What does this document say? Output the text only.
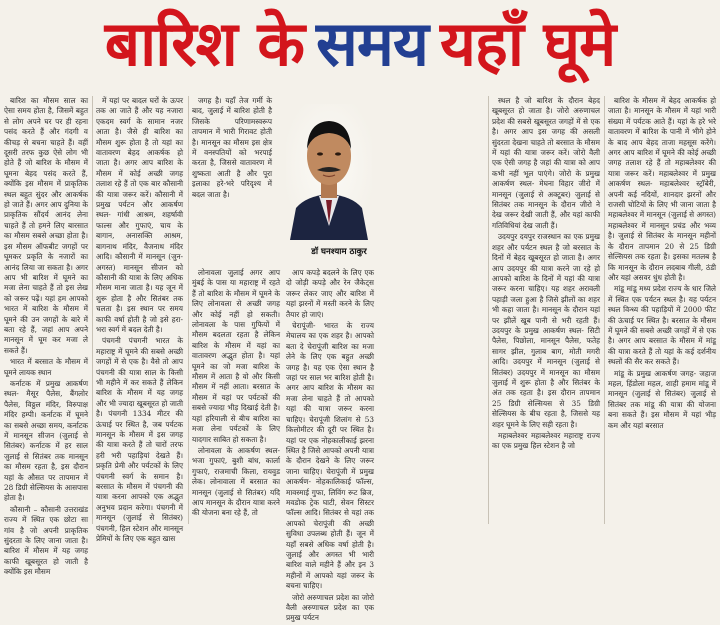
बारिश के समय यहाँ घूमे

बारिश का मौसम साल का ऐसा समय होता है, जिसमें बहुत से लोग अपने घर पर ही रहना पसंद करते हैं और गंदगी व कीचड़ से बचना चाहते हैं। वहीं दूसरी तरफ कुछ ऐसे लोग भी होते हैं जो बारिश के मौसम में घूमना बेहद पसंद करते हैं, क्योंकि इस मौसम में प्राकृतिक स्थल बहुत सुंदर और आकर्षक हो जाते हैं। अगर आप दुनिया के प्राकृतिक सौंदर्य आनंद लेना चाहते हैं तो हमने लिए बारसात का मौसम सबसे अच्छा होता है। इस मौसम ऑफबीट जगहों पर घूमकर प्रकृति के नजारों का आनंद लिया जा सकता है। अगर आप भी बारिश में घूमने का मजा लेना चाहते हैं तो इस लेख को जरूर पढ़ें। यहां हम आपको भारत में बारिश के मौसम में घूमने की उन जगहों के बारे में बता रहे हैं, जहां आप अपने मानसून में घूम कर मजा ले सकते हैं।

भारत में बरसात के मौसम में घूमने लायक स्थान

कर्नाटक में प्रमुख आकर्षण स्थल- मैसूर पैलेस, बैंगलोर पैलेस, विठ्ठल मंदिर, विरुपाक्ष मंदिर हम्पी। कर्नाटक में घूमने का सबसे अच्छा समय, कर्नाटक में मानसून सीजन (जुलाई से सितंबर) कर्नाटक में हर साल जुलाई से सितंबर तक मानसून का मौसम रहता है, इस दौरान यहां के औसत पर तापमान में 28 डिग्री सेल्सियस के आसपास होता है।

कौसानी – कौसानी उत्तराखंड राज्य में स्थित एक छोटा सा गांव है जो अपनी प्राकृतिक सुंदरता के लिए जाना जाता है। बारिश में मौसम में यह जगह काफी खूबसूरत हो जाती है क्योंकि इस मौसम

में यहां पर बादल घरों के ऊपर तक आ जाते हैं और यह नजारा एकदम स्वर्ग के सामान नजर आता है। जैसे ही बारिश का मौसम शुरू होता है तो यहां का वातावरण बेहद आकर्षक हो जाता है। अगर आप बारिश के मौसम में कोई अच्छी जगह तलाश रहे हैं तो एक बार कौसानी की यात्रा जरूर करें। कौसानी में प्रमुख पर्यटन और आकर्षण स्थल- गांधी आश्रम, शहर्षावी फाल्स और गुफाएं, चाय के बागान, अनासक्ति आश्रम, बागनाथ मंदिर, वैजनाथ मंदिर आदि। कौसानी में मानसून (जुन-अगस्त) मानसून सीजन को कौसानी की यात्रा के लिए अधिक मौसम माना जाता है। यह जून में शुरू होता है और सितंबर तक चलता है। इस स्थान पर समय काफी वर्षा होती है जो इसे हरा-भरा स्वर्ग में बदल देती है।

पंचगनी पंचगनी भारत के महाराष्ट्र में घूमने की सबसे अच्छी जगहों में से एक है। वैसे तो आप पंचगनी की यात्रा साल के किसी भी महीने में कर सकते हैं लेकिन बारिश के मौसम में यह जगह और भी ज्यादा खूबसूरत हो जाती है। पंचगनी 1334 मीटर की ऊंचाई पर स्थित है, जब पर्यटक मानसून के मौसम में इस जगह की यात्रा करते हैं तो चारों तरफ हरी भरी पहाड़ियां देखते हैं। प्रकृति प्रेमी और पर्यटकों के लिए पंचगनी स्वर्ग के समान है। बरसात के मौसम में पंचगनी की यात्रा करना आपको एक अद्भुत अनुभव प्रदान करेगा। पंचगनी में मानसून (जुलाई से सितंबर) पंचगनी, हिल स्टेशन और मानसून प्रेमियों के लिए एक बहुत खास

जगह है। यहाँ तेज गर्मी के बाद, जुलाई में बारिश होती है जिसके परिणामस्वरूप तापमान में भारी गिरावट होती है। मानसून का मौसम इस क्षेत्र में वनस्पतियों को भरपाई करता है, जिससे वातावरण में शुष्कता आती है और पूरा इलाका हरे-भरे परिदृश्य में बदल जाता है।

डॉ घनश्याम ठाकुर

लोनावला जुलाई अगर आप मुंबई के पास या महाराष्ट्र में रहते हैं तो बारिश के मौसम में घूमने के लिए लोनावला से अच्छी जगह और कोई नहीं हो सकती। लोनावला के पास गुफियों में मौसम बदलता रहता है लेकिन बारिश के मौसम में यहां का वातावरण अद्भुत होता है। यहां घूमने का जो मजा बारिश के मौसम में आता है वो और किसी मौसम में नहीं आता। बरसात के मौसम में यहां पर पर्यटकों की सबसे ज्यादा भीड़ दिखाई देती है। यहां हरियाली से बीच बारिश का मजा लेना पर्यटकों के लिए यादगार साबित हो सकता है।

लोनावला के आकर्षण स्थल- भजा गुफाएं, बुशी बांध, कार्ला गुफाएं, राजमाची किला, रायवुड लेक। लोनावाला में बरसात का मानसून (जुलाई से सितंबर) यदि आप मानसून के दौरान यात्रा करने की योजना बना रहे हैं, तो

आप कपड़े बदलने के लिए एक दो जोड़ी कपड़े और रेन जैकेट्स जरूर लेकर जाए और बारिश में यहां झरनों में मस्ती करने के लिए तैयार हो जाएं।

चेरापूंजी- भारत के राज्य मेघालय का एक शहर है। आपको बता दे चेरापूंजी बारिश का मजा लेने के लिए एक बहुत अच्छी जगह है। यह एक ऐसा स्थान है जहां पर साल भर बारिश होती है। अगर आप बारिश के मौसम का मजा लेना चाहते हैं तो आपको यहां की यात्रा जरूर करना चाहिए। चेरापूंजी शिलांग से 53 किलोमीटर की दूरी पर स्थित है। यहां पर एक नोहकालीकाई झरना स्थित है जिसे आपको अपनी यात्रा के दौरान देखने के लिए जरूर जाना चाहिए। चेरापूंजी में प्रमुख आकर्षण- नोहकालिकाई फॉल्स, मावस्माई गुफा, लिविंग रूट ब्रिज, मवडोक ट्रेक घाटी, सेवन सिस्टर फॉल्स आदि। सितंबर से यहां तक आपको चेरापूंजी की अच्छी सुविधा उपलब्ध होती हैं। जून में यहाँ सबसे अधिक वर्षा होती है। जुलाई और अगस्त भी भारी बारिश वाले महीने हैं और इन 3 महीनों में आपको यहां जरूर के बचना चाहिए।

जोरो अरुणाचल प्रदेश का जोरो वैली अरुणाचल प्रदेश का एक प्रमुख पर्यटन

स्थल है जो बारिश के दौरान बेहद खूबसूरत हो जाता है। जोरो अरुणाचल प्रदेश की सबसे खूबसूरत जगहों में से एक है। अगर आप इस जगह की असली सुंदरता देखना चाहते तो बरसात के मौसम में यहां की यात्रा जरूर करें। जोरो वैली एक ऐसी जगह है जहां की यात्रा को आप कभी नहीं भूल पाएंगे। जोरो के प्रमुख आकर्षण स्थल- मेघना विहार जीरो में मानसून (जुलाई से अक्टूबर) जुलाई से सितंबर तक मानसून के दौरान जीरो ने देख जरूर देखी जाती हैं, और यहां काफी गतिविधियां देख जाती हैं।

उदयपुर दयपुर राजस्थान का एक प्रमुख शहर और पर्यटन स्थल है जो बरसात के दिनों में बेहद खूबसूरत हो जाता है। अगर आप उदयपुर की यात्रा करने जा रहे हो आपको बारिश के दिनों में यहां की यात्रा जरूर करना चाहिए। यह शहर अरावली पहाड़ी जला हुआ है जिसे झीलों का शहर भी कहा जाता है। मानसून के दौरान यहां पर झीलें खूब पानी से भरी रहती हैं। उदयपुर के प्रमुख आकर्षण स्थल- सिटी पैलेस, पिछोला, मानसून पैलेस, फतेह सागर झील, गुलाब बाग, मोती मगरी आदि। उदयपुर में मानसून (जुलाई से सितंबर) उदयपुर में मानसून का मौसम जुलाई में शुरू होता है और सितंबर के अंत तक रहता है। इस दौरान तापमान 25 डिग्री सेल्सियस से 35 डिग्री सेल्सियस के बीच रहता है, जिससे यह शहर घूमने के लिए सही रहता है।

महाबलेश्वर महाबलेश्वर महाराष्ट्र राज्य का एक प्रमुख हिल स्टेशन है जो

बारिश के मौसम में बेहद आकर्षक हो जाता है। मानसून के मौसम में यहां भारी संख्या में पर्यटक आते हैं। यहां के हरे भरे वातावरण में बारिश के पानी में भीगे होने के बाद आप बेहद ताजा महसूस करेंगे। अगर आप बारिश में घूमने की कोई अच्छी जगह तलाश रहे हैं तो महाबलेश्वर की यात्रा जरूर करें। महाबलेश्वर में प्रमुख आकर्षण स्थल- महाबलेश्वर स्ट्रॉबेरी, अपनी कई नदियों, शानदार झरनों और राजसी चोटियों के लिए भी जाना जाता है महाबलेश्वर में मानसून (जुलाई से अगस्त) महाबलेश्वर में मानसून प्रचंड और भव्य है। जुलाई से सितंबर के मानसून महीनों के दौरान तापमान 20 से 25 डिग्री सेल्सियस तक रहता है। इसका मतलब है कि मानसून के दौरान लदबाब गीली, ठंडी और यहां असवर धुंध होती है।

मांडू मांडू मध्य प्रदेश राज्य के धार जिले में स्थित एक पर्यटन स्थल है। यह पर्यटन स्थल विन्ध्य की पहाड़ियों में 2000 फीट की ऊंचाई पर स्थित है। बरसात के मौसम में घूमने की सबसे अच्छी जगहों में से एक है। अगर आप बरसात के मौसम में मांडू की यात्रा करते हैं तो यहां के कई दर्शनीय स्थलों की सैर कर सकते हैं।

मांडू के प्रमुख आकर्षण जगह- जहाज महल, हिंडोला महल, शाही हमाम मांडू में मानसून (जुलाई से सितंबर) जुलाई से सितंबर तक मांडू की यात्रा की योजना बना सकते हैं। इस मौसम में यहां भीड़ कम और यहां बरसात
